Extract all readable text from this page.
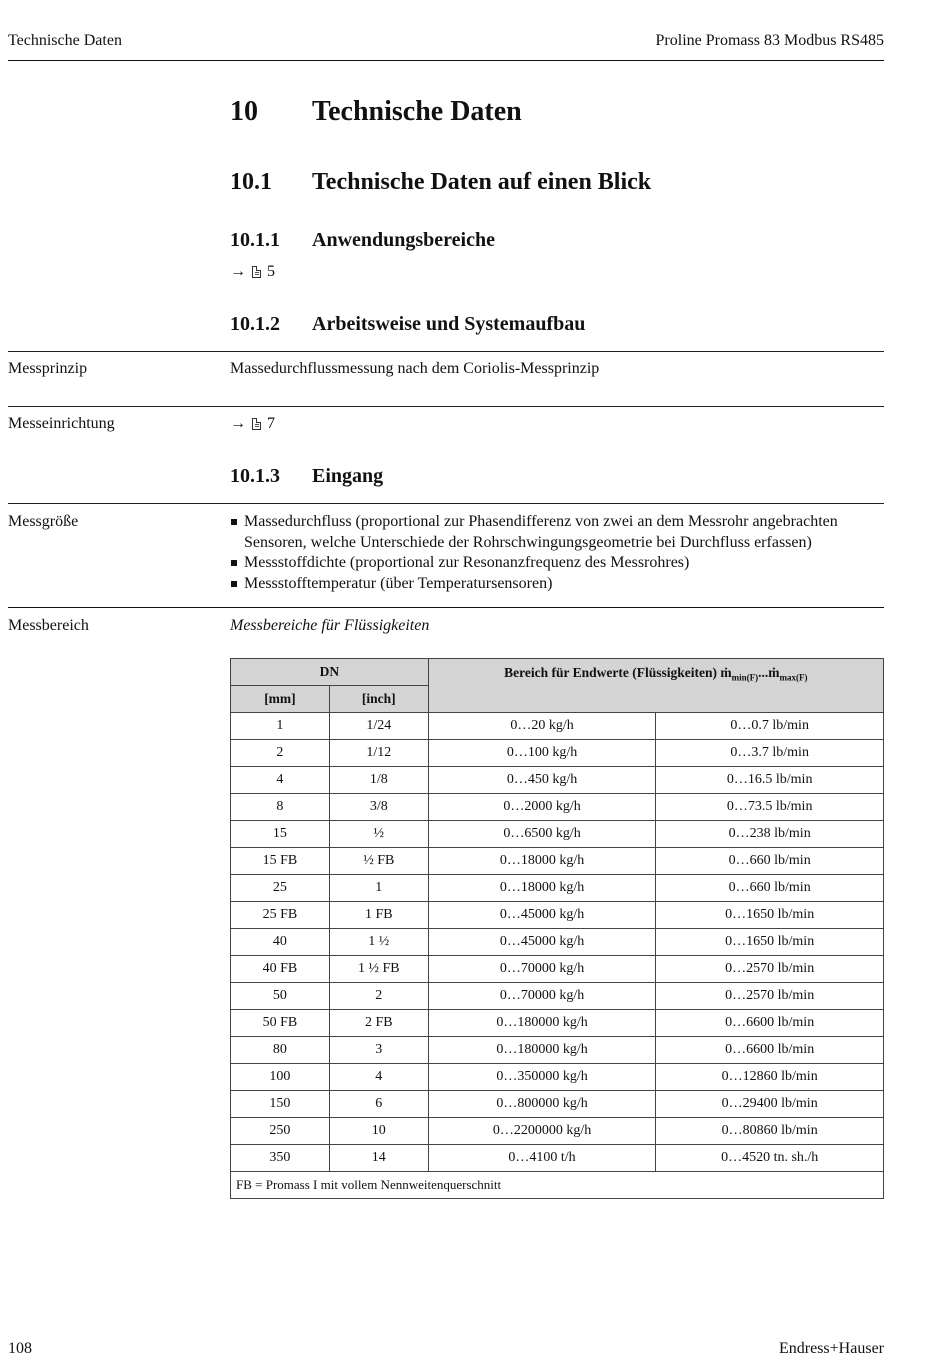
Technische Daten	Proline Promass 83 Modbus RS485
10 Technische Daten
10.1 Technische Daten auf einen Blick
10.1.1 Anwendungsbereiche
→ 5
10.1.2 Arbeitsweise und Systemaufbau
Messprinzip	Massedurchflussmessung nach dem Coriolis-Messprinzip
Messeinrichtung	→ 7
10.1.3 Eingang
Messgröße	Massedurchfluss (proportional zur Phasendifferenz von zwei an dem Messrohr angebrachten Sensoren, welche Unterschiede der Rohrschwingungsgeometrie bei Durchfluss erfassen)
Messstoffdichte (proportional zur Resonanzfrequenz des Messrohres)
Messstofftemperatur (über Temperatursensoren)
Messbereich	Messbereiche für Flüssigkeiten
DN		Bereich für Endwerte (Flüssigkeiten) ṁ$_{min(F)}$...ṁ$_{max(F)}$
[mm]	[inch]		
1	1/24	0…20 kg/h	0…0.7 lb/min
2	1/12	0…100 kg/h	0…3.7 lb/min
4	1/8	0…450 kg/h	0…16.5 lb/min
8	3/8	0…2000 kg/h	0…73.5 lb/min
15	½	0…6500 kg/h	0…238 lb/min
15 FB	½ FB	0…18000 kg/h	0…660 lb/min
25	1	0…18000 kg/h	0…660 lb/min
25 FB	1 FB	0…45000 kg/h	0…1650 lb/min
40	1 ½	0…45000 kg/h	0…1650 lb/min
40 FB	1 ½ FB	0…70000 kg/h	0…2570 lb/min
50	2	0…70000 kg/h	0…2570 lb/min
50 FB	2 FB	0…180000 kg/h	0…6600 lb/min
80	3	0…180000 kg/h	0…6600 lb/min
100	4	0…350000 kg/h	0…12860 lb/min
150	6	0…800000 kg/h	0…29400 lb/min
250	10	0…2200000 kg/h	0…80860 lb/min
350	14	0…4100 t/h	0…4520 tn. sh./h
FB = Promass I mit vollem Nennweitenquerschnitt			
108	Endress+Hauser
